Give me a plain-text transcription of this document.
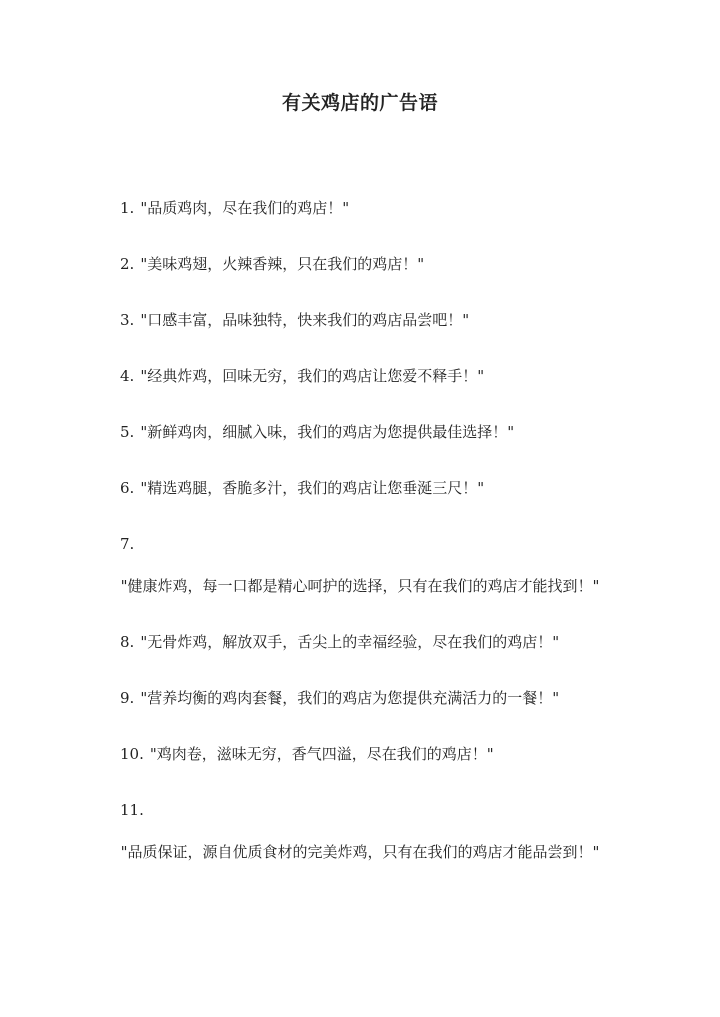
有关鸡店的广告语

1. "品质鸡肉，尽在我们的鸡店！"

2. "美味鸡翅，火辣香辣，只在我们的鸡店！"

3. "口感丰富，品味独特，快来我们的鸡店品尝吧！"

4. "经典炸鸡，回味无穷，我们的鸡店让您爱不释手！"

5. "新鲜鸡肉，细腻入味，我们的鸡店为您提供最佳选择！"

6. "精选鸡腿，香脆多汁，我们的鸡店让您垂涎三尺！"

7.

"健康炸鸡，每一口都是精心呵护的选择，只有在我们的鸡店才能找到！"

8. "无骨炸鸡，解放双手，舌尖上的幸福经验，尽在我们的鸡店！"

9. "营养均衡的鸡肉套餐，我们的鸡店为您提供充满活力的一餐！"

10. "鸡肉卷，滋味无穷，香气四溢，尽在我们的鸡店！"

11.

"品质保证，源自优质食材的完美炸鸡，只有在我们的鸡店才能品尝到！"
